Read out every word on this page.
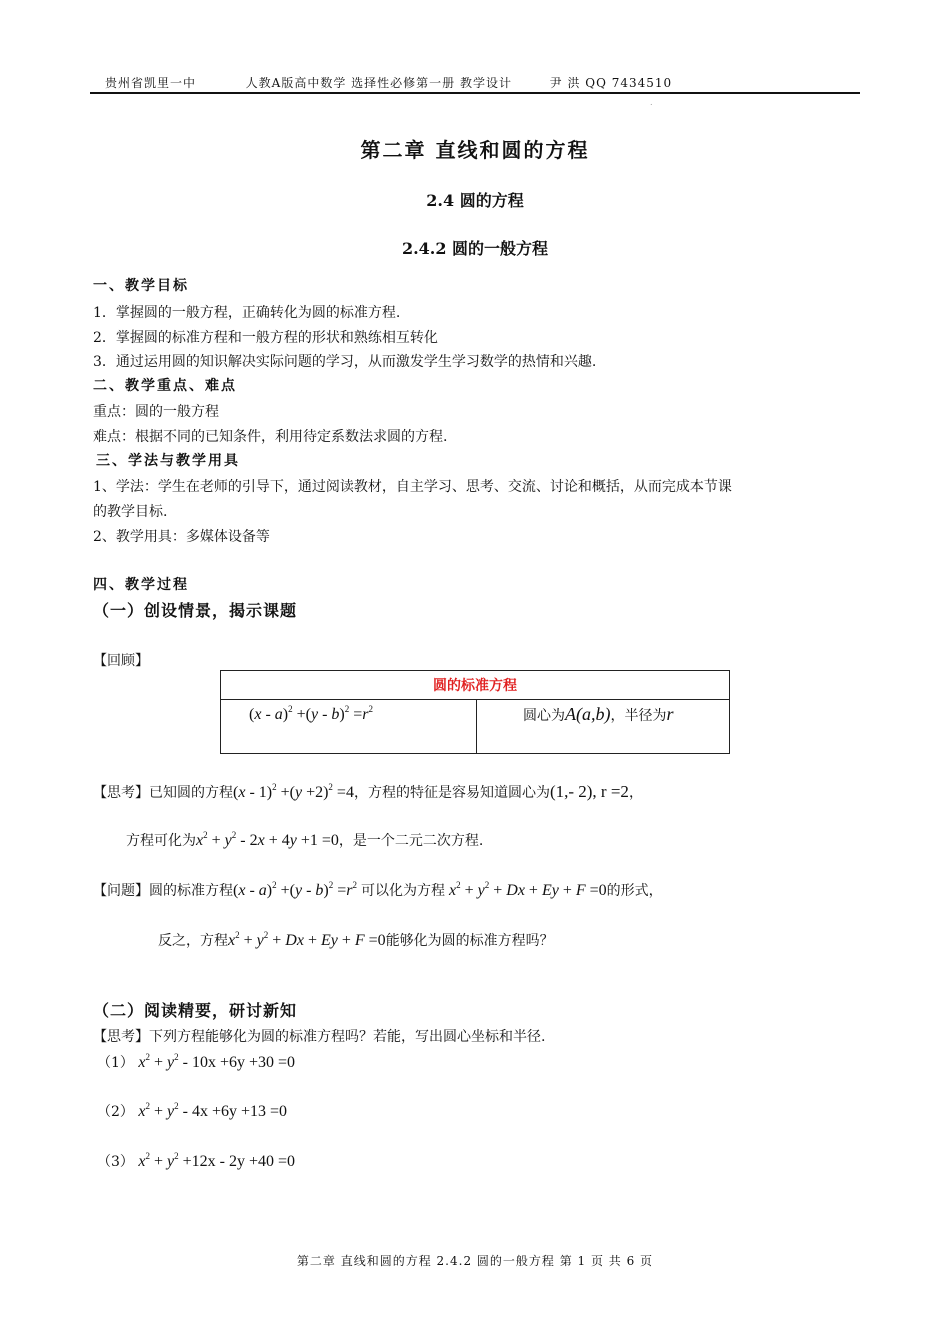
贵州省凯里一中	人教A版高中数学 选择性必修第一册 教学设计	尹 洪 QQ 7434510
.
第二章 直线和圆的方程
2.4 圆的方程
2.4.2 圆的一般方程
一、教学目标
1．掌握圆的一般方程，正确转化为圆的标准方程.
2．掌握圆的标准方程和一般方程的形状和熟练相互转化
3．通过运用圆的知识解决实际问题的学习，从而激发学生学习数学的热情和兴趣.
二、教学重点、难点
重点：圆的一般方程
难点：根据不同的已知条件，利用待定系数法求圆的方程.
三、学法与教学用具
1、学法：学生在老师的引导下，通过阅读教材，自主学习、思考、交流、讨论和概括，从而完成本节课
的教学目标.
2、教学用具：多媒体设备等
四、教学过程
（一）创设情景，揭示课题
【回顾】
圆的标准方程
$(x - a)^2 +(y - b)^2 =r^2$	圆心为A(a,b)，半径为r
【思考】已知圆的方程$(x - 1)^2 +(y +2)^2 =4$，方程的特征是容易知道圆心为(1,- 2), r =2，
方程可化为$x^2 + y^2 - 2x + 4y +1 =0$，是一个二元二次方程.
【问题】圆的标准方程$(x - a)^2 +(y - b)^2 =r^2$ 可以化为方程 $x^2 + y^2 + Dx + Ey + F =0$的形式，
反之，方程$x^2 + y^2 + Dx + Ey + F =0$能够化为圆的标准方程吗？
（二）阅读精要，研讨新知
【思考】下列方程能够化为圆的标准方程吗？若能，写出圆心坐标和半径.
（1） $x^2 + y^2 - 10x +6y +30 =0$
（2） $x^2 + y^2 - 4x +6y +13 =0$
（3） $x^2 + y^2 +12x - 2y +40 =0$
第二章 直线和圆的方程 2.4.2 圆的一般方程 第 1 页 共 6 页
